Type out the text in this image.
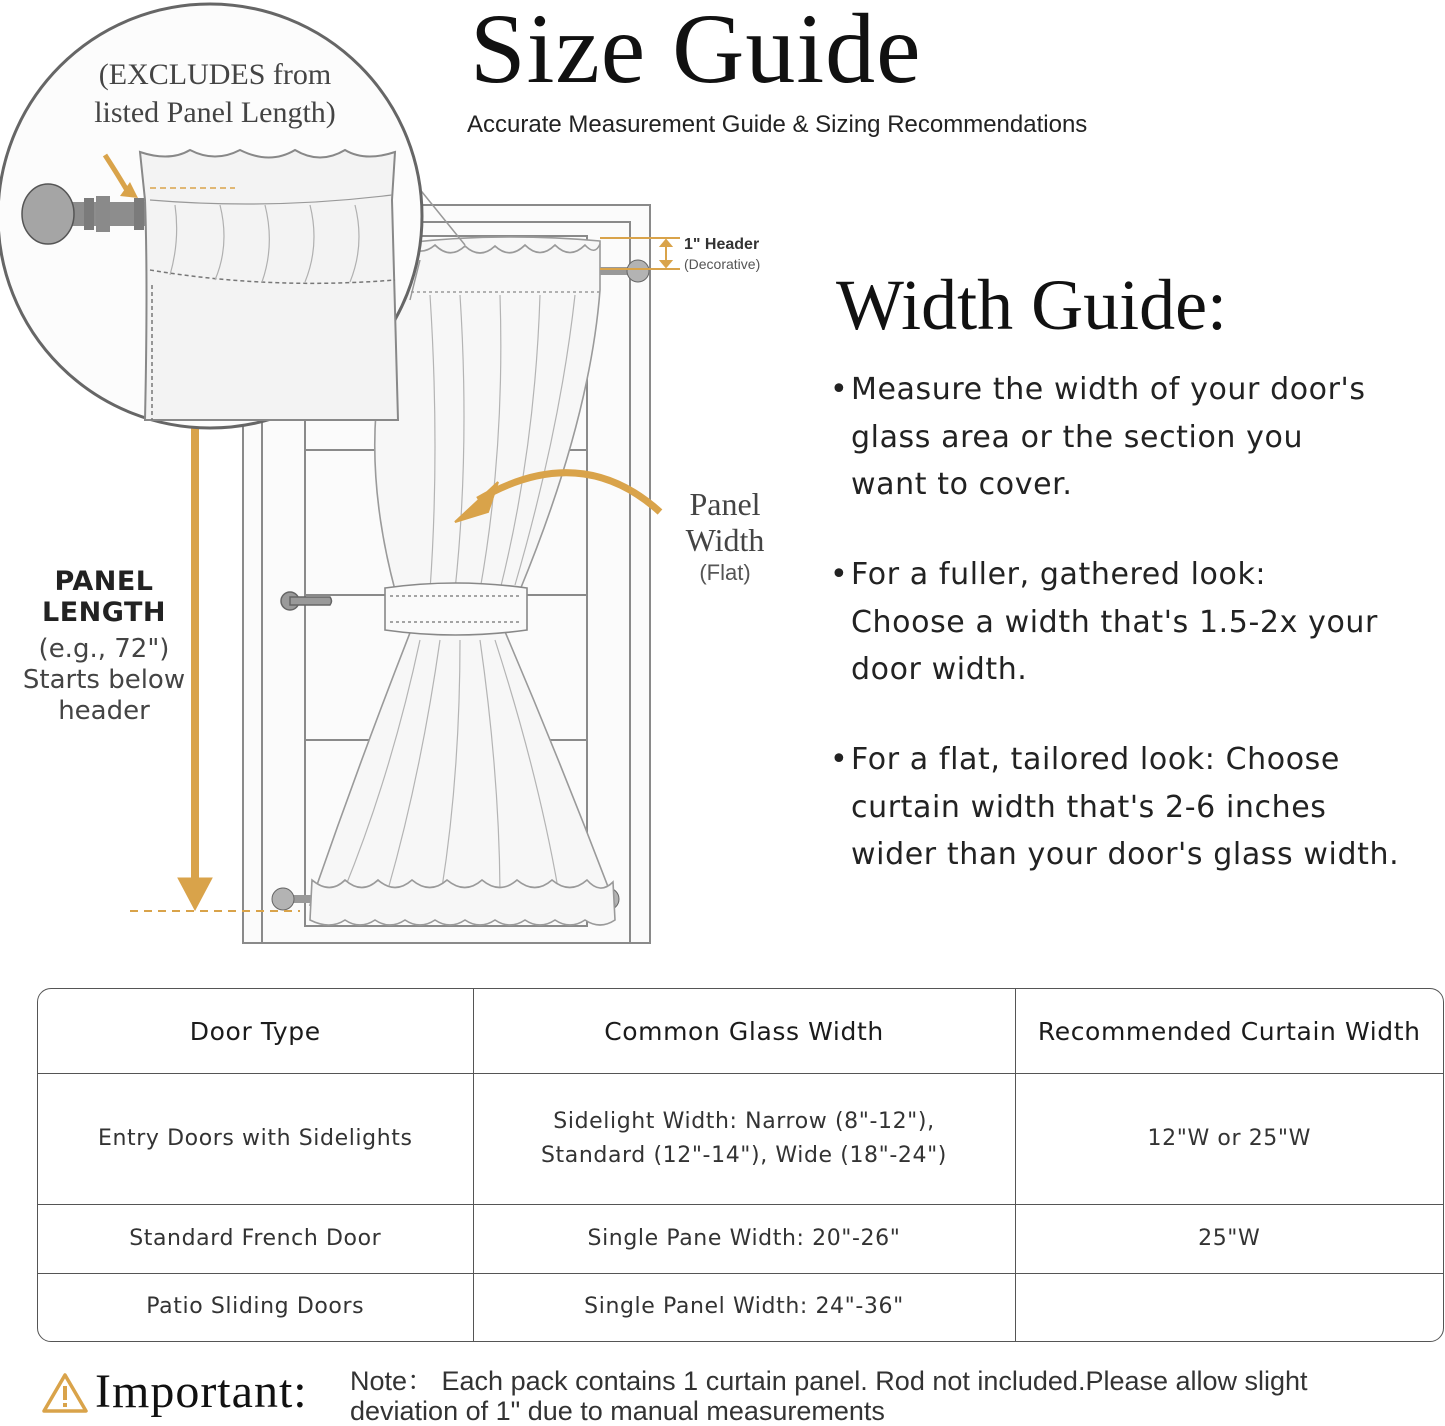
Size Guide
Accurate Measurement Guide & Sizing Recommendations
(EXCLUDES from listed Panel Length)
1" Header
(Decorative)
Panel Width
(Flat)
PANEL LENGTH
(e.g., 72")
Starts below
header
Width Guide:
• Measure the width of your door's
glass area or the section you
want to cover.
• For a fuller, gathered look:
Choose a width that's 1.5-2x your
door width.
• For a flat, tailored look: Choose
curtain width that's 2-6 inches
wider than your door's glass width.
Door Type	Common Glass Width	Recommended Curtain Width
Entry Doors with Sidelights	Sidelight Width: Narrow (8"-12"),
Standard (12"-14"), Wide (18"-24")	12"W or 25"W
Standard French Door	Single Pane Width: 20"-26"	25"W
Patio Sliding Doors	Single Panel Width: 24"-36"	
Important: Note： Each pack contains 1 curtain panel. Rod not included.Please allow slight deviation of 1" due to manual measurements
